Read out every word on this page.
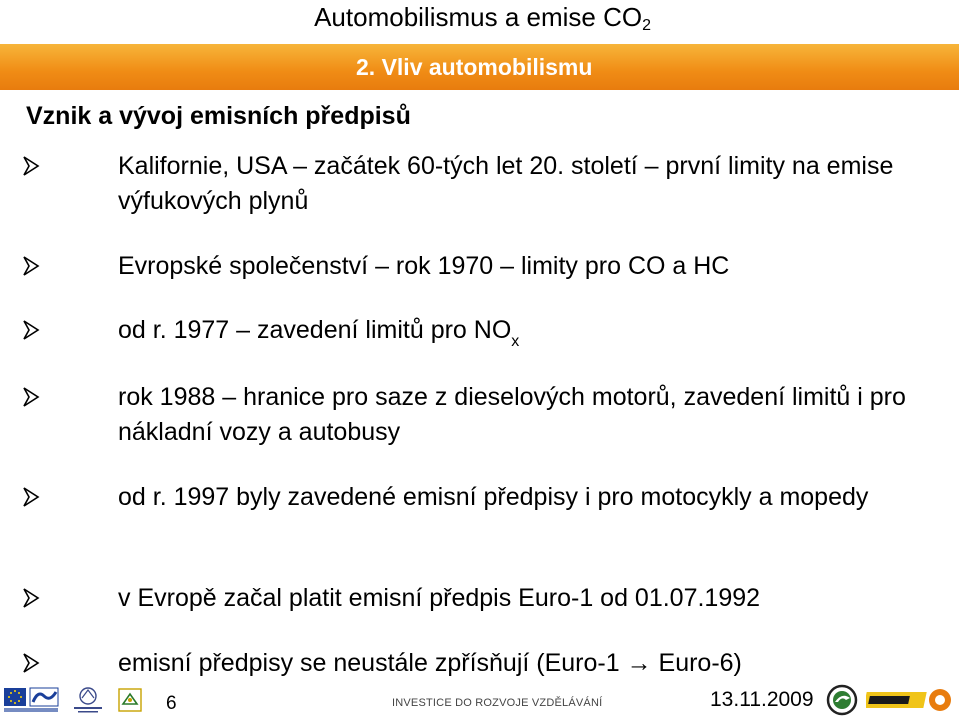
Automobilismus a emise $CO_2$
2. Vliv automobilismu
Vznik a vývoj emisních předpisů
Kalifornie, USA – začátek 60-tých let 20. století – první limity na emise výfukových plynů
Evropské společenství – rok 1970 – limity pro CO a HC
od r. 1977 – zavedení limitů pro $NO_x$
rok 1988 – hranice pro saze z dieselových motorů, zavedení limitů i pro nákladní vozy a autobusy
od r. 1997 byly zavedené emisní předpisy i pro motocykly a mopedy
v Evropě začal platit emisní předpis Euro-1 od 01.07.1992
emisní předpisy se neustále zpřísňují (Euro-1 → Euro-6)
6	INVESTICE DO ROZVOJE VZDĚLÁVÁNÍ	13.11.2009
